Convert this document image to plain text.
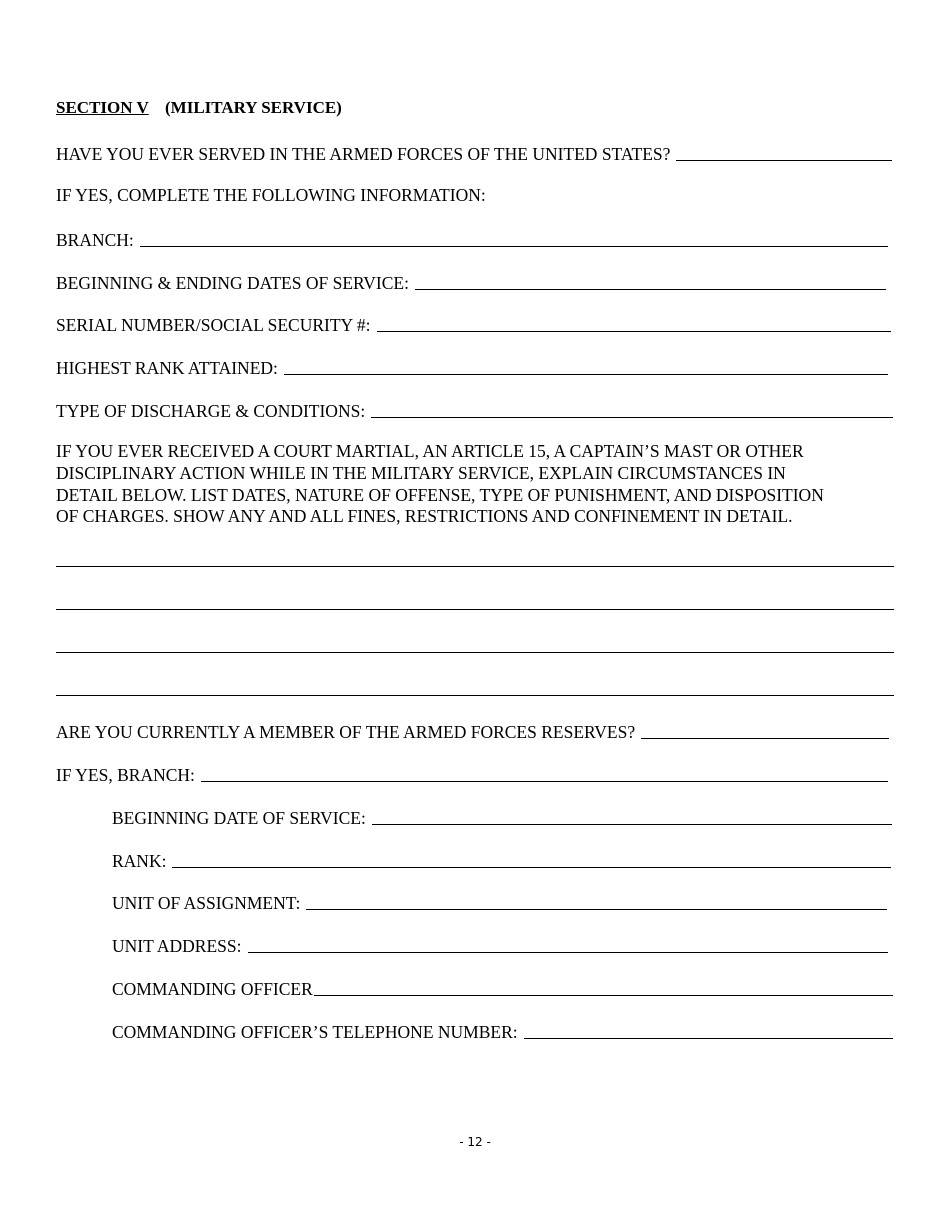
SECTION V (MILITARY SERVICE)
HAVE YOU EVER SERVED IN THE ARMED FORCES OF THE UNITED STATES?
IF YES, COMPLETE THE FOLLOWING INFORMATION:
BRANCH:
BEGINNING & ENDING DATES OF SERVICE:
SERIAL NUMBER/SOCIAL SECURITY #:
HIGHEST RANK ATTAINED:
TYPE OF DISCHARGE & CONDITIONS:
IF YOU EVER RECEIVED A COURT MARTIAL, AN ARTICLE 15, A CAPTAIN’S MAST OR OTHER
DISCIPLINARY ACTION WHILE IN THE MILITARY SERVICE, EXPLAIN CIRCUMSTANCES IN
DETAIL BELOW. LIST DATES, NATURE OF OFFENSE, TYPE OF PUNISHMENT, AND DISPOSITION
OF CHARGES. SHOW ANY AND ALL FINES, RESTRICTIONS AND CONFINEMENT IN DETAIL.
ARE YOU CURRENTLY A MEMBER OF THE ARMED FORCES RESERVES?
IF YES, BRANCH:
BEGINNING DATE OF SERVICE:
RANK:
UNIT OF ASSIGNMENT:
UNIT ADDRESS:
COMMANDING OFFICER
COMMANDING OFFICER’S TELEPHONE NUMBER:
- 12 -
